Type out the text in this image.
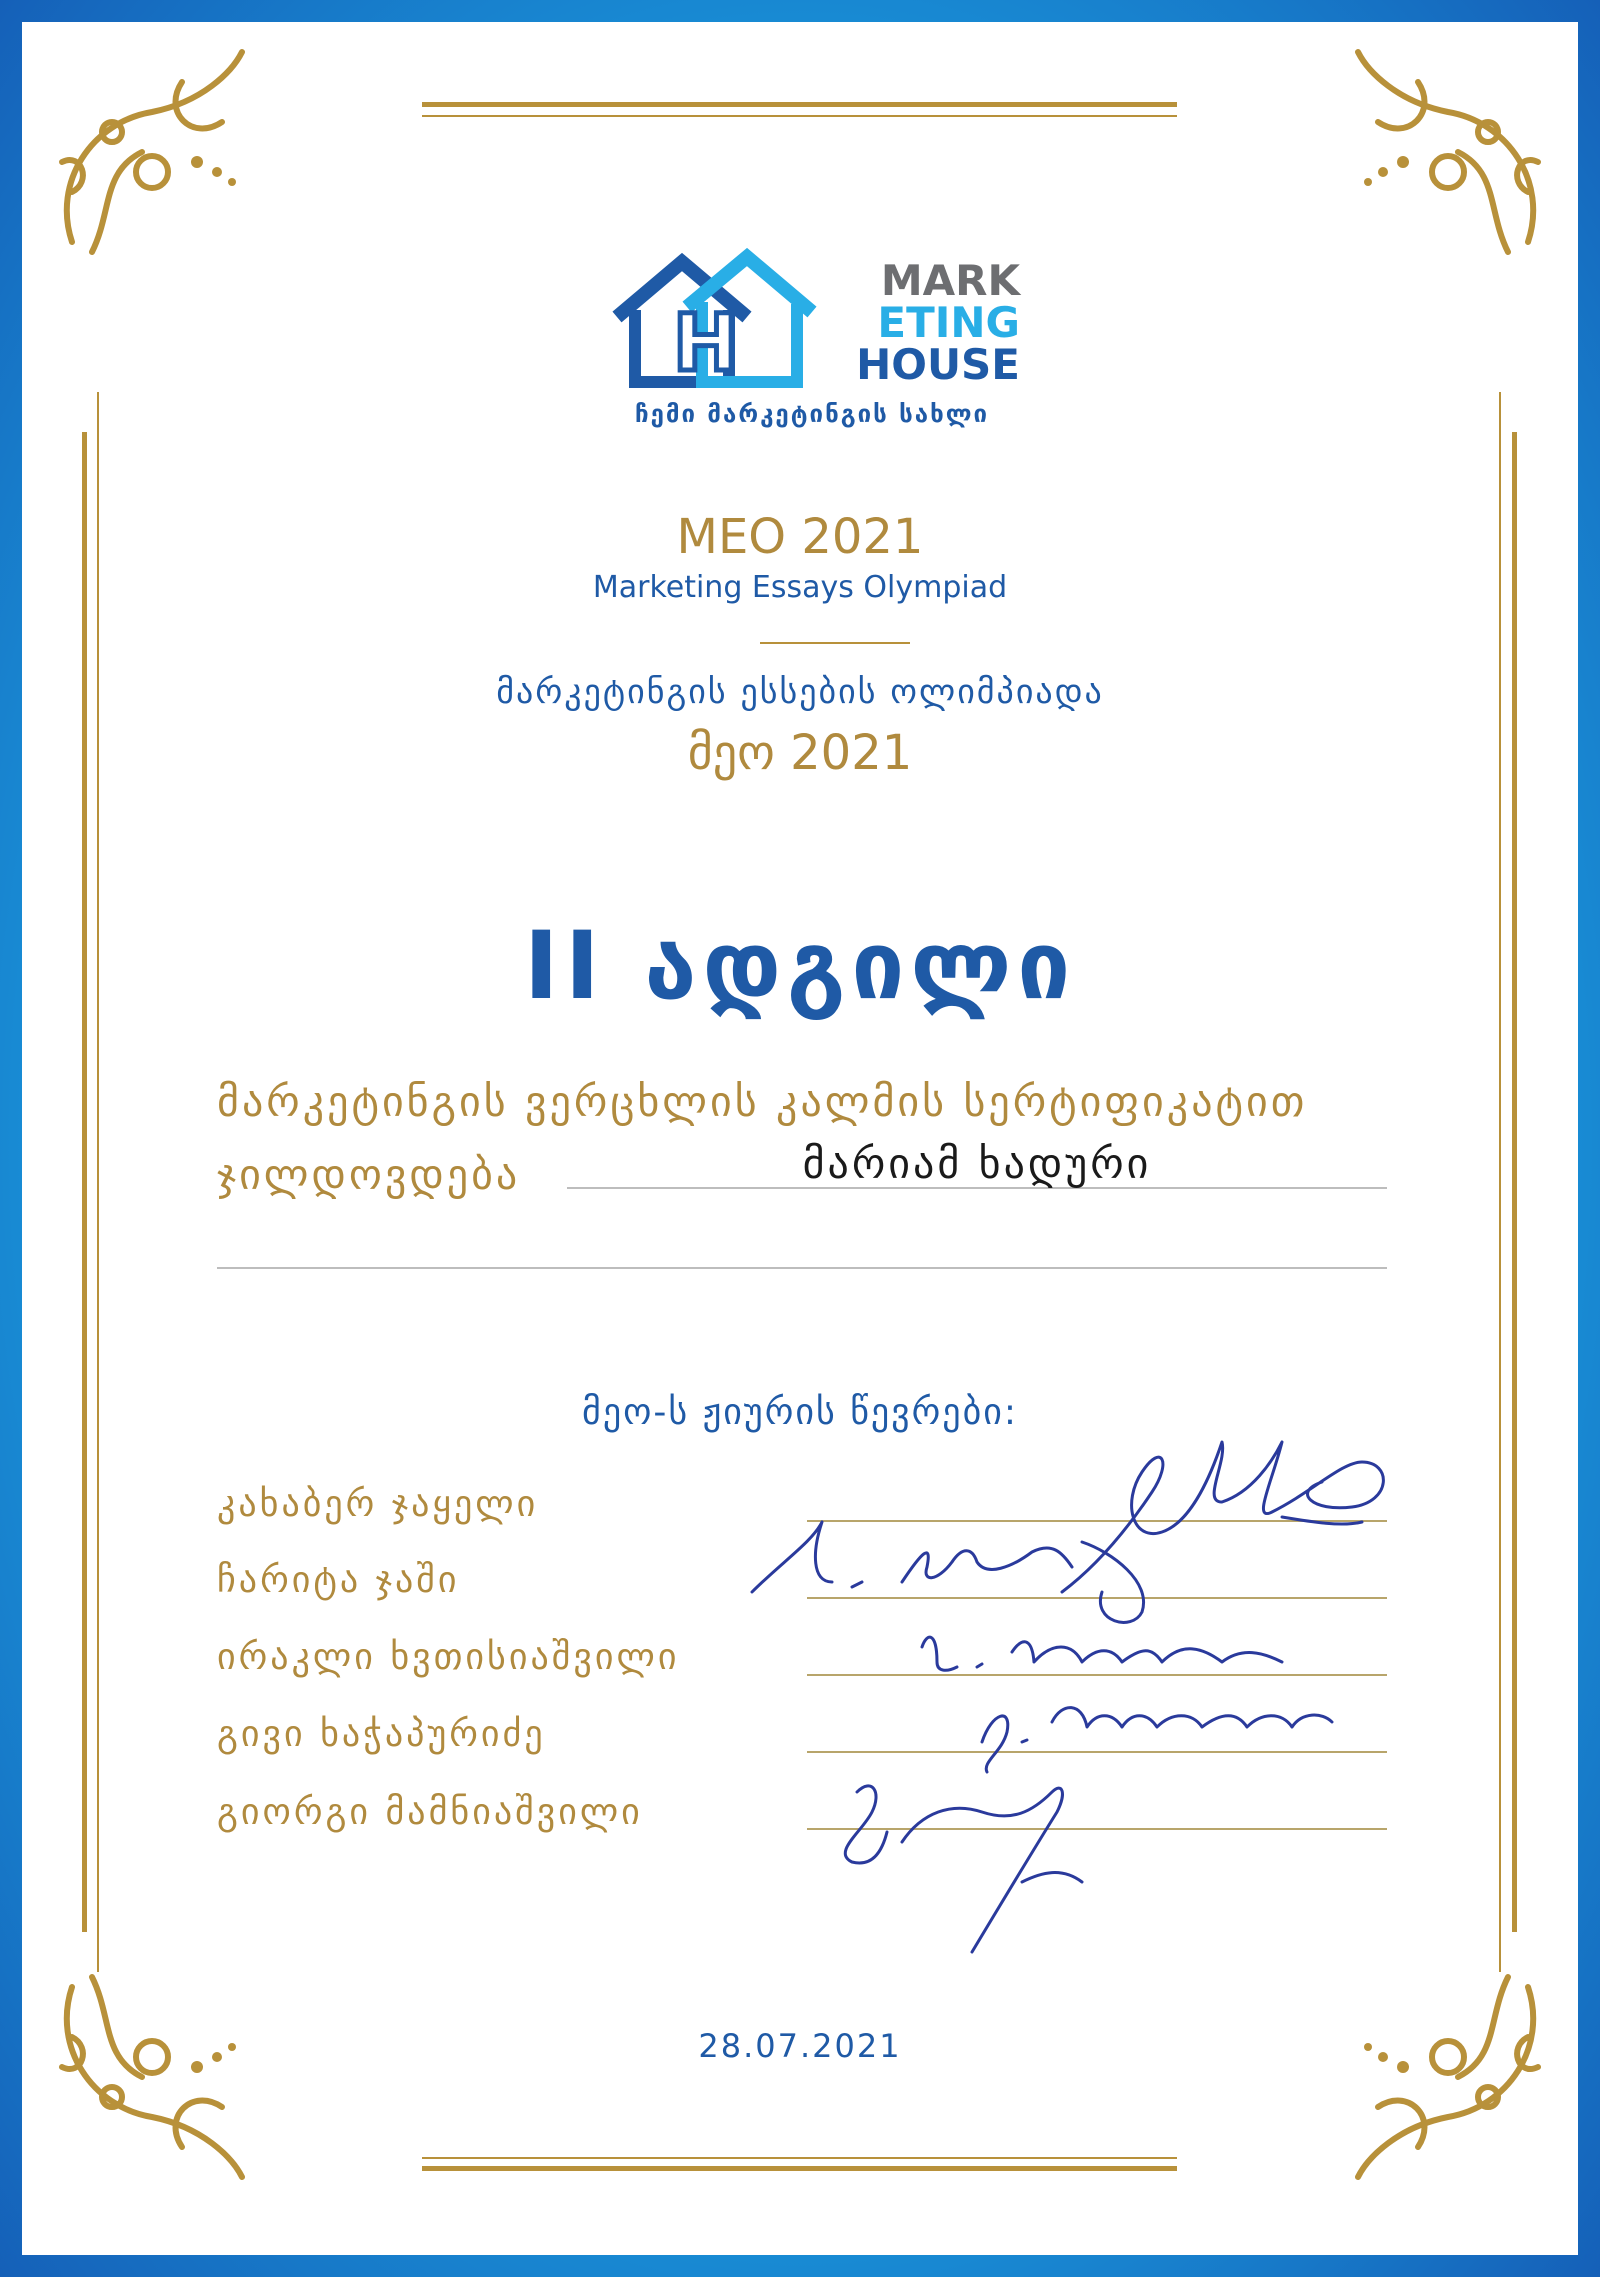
H
MARK
ETING
HOUSE
ჩემი მარკეტინგის სახლი
MEO 2021
Marketing Essays Olympiad
მარკეტინგის ესსების ოლიმპიადა
მეო 2021
II ადგილი
მარკეტინგის ვერცხლის კალმის სერტიფიკატით
ჯილდოვდება	მარიამ ხადური
მეო-ს ჟიურის წევრები:
კახაბერ ჯაყელი
ჩარიტა ჯაში
ირაკლი ხვთისიაშვილი
გივი ხაჭაპურიძე
გიორგი მამნიაშვილი
28.07.2021
